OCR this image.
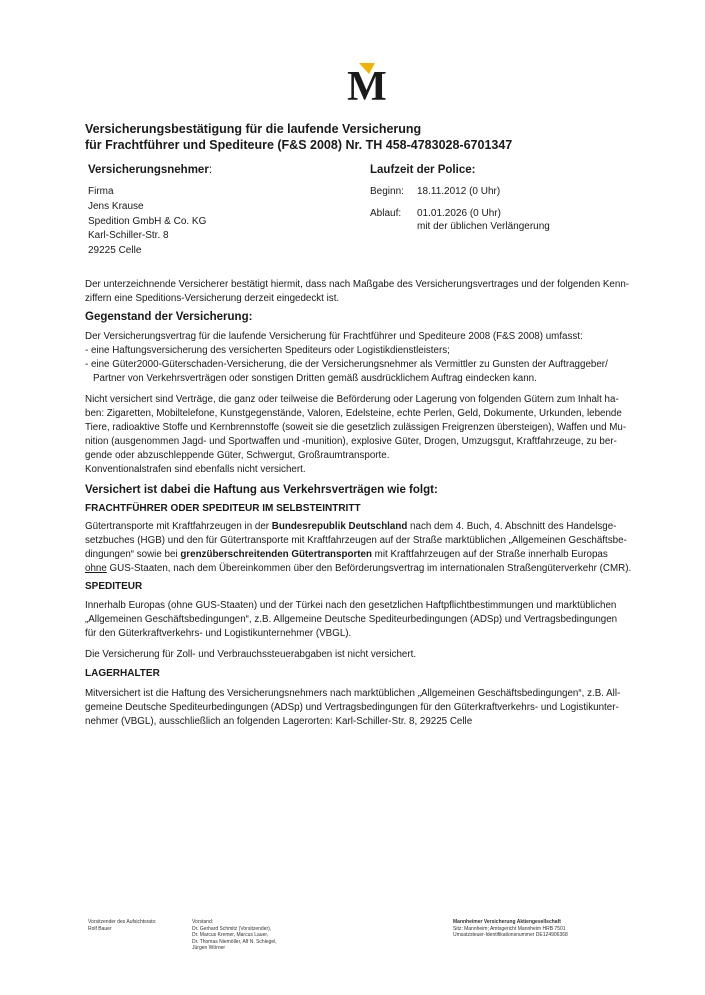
M
Versicherungsbestätigung für die laufende Versicherung
für Frachtführer und Spediteure (F&S 2008) Nr. TH 458-4783028-6701347
Versicherungsnehmer:
Firma
Jens Krause
Spedition GmbH & Co. KG
Karl-Schiller-Str. 8
29225 Celle
Laufzeit der Police:
Beginn:	18.11.2012 (0 Uhr)
Ablauf:	01.01.2026 (0 Uhr)
mit der üblichen Verlängerung

Der unterzeichnende Versicherer bestätigt hiermit, dass nach Maßgabe des Versicherungsvertrages und der folgenden Kenn-
ziffern eine Speditions-Versicherung derzeit eingedeckt ist.

Gegenstand der Versicherung:

Der Versicherungsvertrag für die laufende Versicherung für Frachtführer und Spediteure 2008 (F&S 2008) umfasst:
- eine Haftungsversicherung des versicherten Spediteurs oder Logistikdienstleisters;
- eine Güter2000-Güterschaden-Versicherung, die der Versicherungsnehmer als Vermittler zu Gunsten der Auftraggeber/
Partner von Verkehrsverträgen oder sonstigen Dritten gemäß ausdrücklichem Auftrag eindecken kann.

Nicht versichert sind Verträge, die ganz oder teilweise die Beförderung oder Lagerung von folgenden Gütern zum Inhalt ha-
ben: Zigaretten, Mobiltelefone, Kunstgegenstände, Valoren, Edelsteine, echte Perlen, Geld, Dokumente, Urkunden, lebende
Tiere, radioaktive Stoffe und Kernbrennstoffe (soweit sie die gesetzlich zulässigen Freigrenzen übersteigen), Waffen und Mu-
nition (ausgenommen Jagd- und Sportwaffen und -munition), explosive Güter, Drogen, Umzugsgut, Kraftfahrzeuge, zu ber-
gende oder abzuschleppende Güter, Schwergut, Großraumtransporte.
Konventionalstrafen sind ebenfalls nicht versichert.

Versichert ist dabei die Haftung aus Verkehrsverträgen wie folgt:
FRACHTFÜHRER ODER SPEDITEUR IM SELBSTEINTRITT

Gütertransporte mit Kraftfahrzeugen in der Bundesrepublik Deutschland nach dem 4. Buch, 4. Abschnitt des Handelsge-
setzbuches (HGB) und den für Gütertransporte mit Kraftfahrzeugen auf der Straße marktüblichen „Allgemeinen Geschäftsbe-
dingungen“ sowie bei grenzüberschreitenden Gütertransporten mit Kraftfahrzeugen auf der Straße innerhalb Europas
ohne GUS-Staaten, nach dem Übereinkommen über den Beförderungsvertrag im internationalen Straßengüterverkehr (CMR).

SPEDITEUR

Innerhalb Europas (ohne GUS-Staaten) und der Türkei nach den gesetzlichen Haftpflichtbestimmungen und marktüblichen
„Allgemeinen Geschäftsbedingungen“, z.B. Allgemeine Deutsche Spediteurbedingungen (ADSp) und Vertragsbedingungen
für den Güterkraftverkehrs- und Logistikunternehmer (VBGL).

Die Versicherung für Zoll- und Verbrauchssteuerabgaben ist nicht versichert.

LAGERHALTER

Mitversichert ist die Haftung des Versicherungsnehmers nach marktüblichen „Allgemeinen Geschäftsbedingungen“, z.B. All-
gemeine Deutsche Spediteurbedingungen (ADSp) und Vertragsbedingungen für den Güterkraftverkehrs- und Logistikunter-
nehmer (VBGL), ausschließlich an folgenden Lagerorten: Karl-Schiller-Str. 8, 29225 Celle

Vorsitzender des Aufsichtsrats:
Rolf Bauer
Vorstand:
Dr. Gerhard Schmitz (Vorsitzender),
Dr. Marcus Kremer, Marcus Lauer,
Dr. Thomas Niemöller, Alf N. Schlegel,
Jürgen Wörner
Mannheimer Versicherung Aktiengesellschaft
Sitz: Mannheim; Amtsgericht Mannheim HRB 7501
Umsatzsteuer-Identifikationsnummer DE124906368
